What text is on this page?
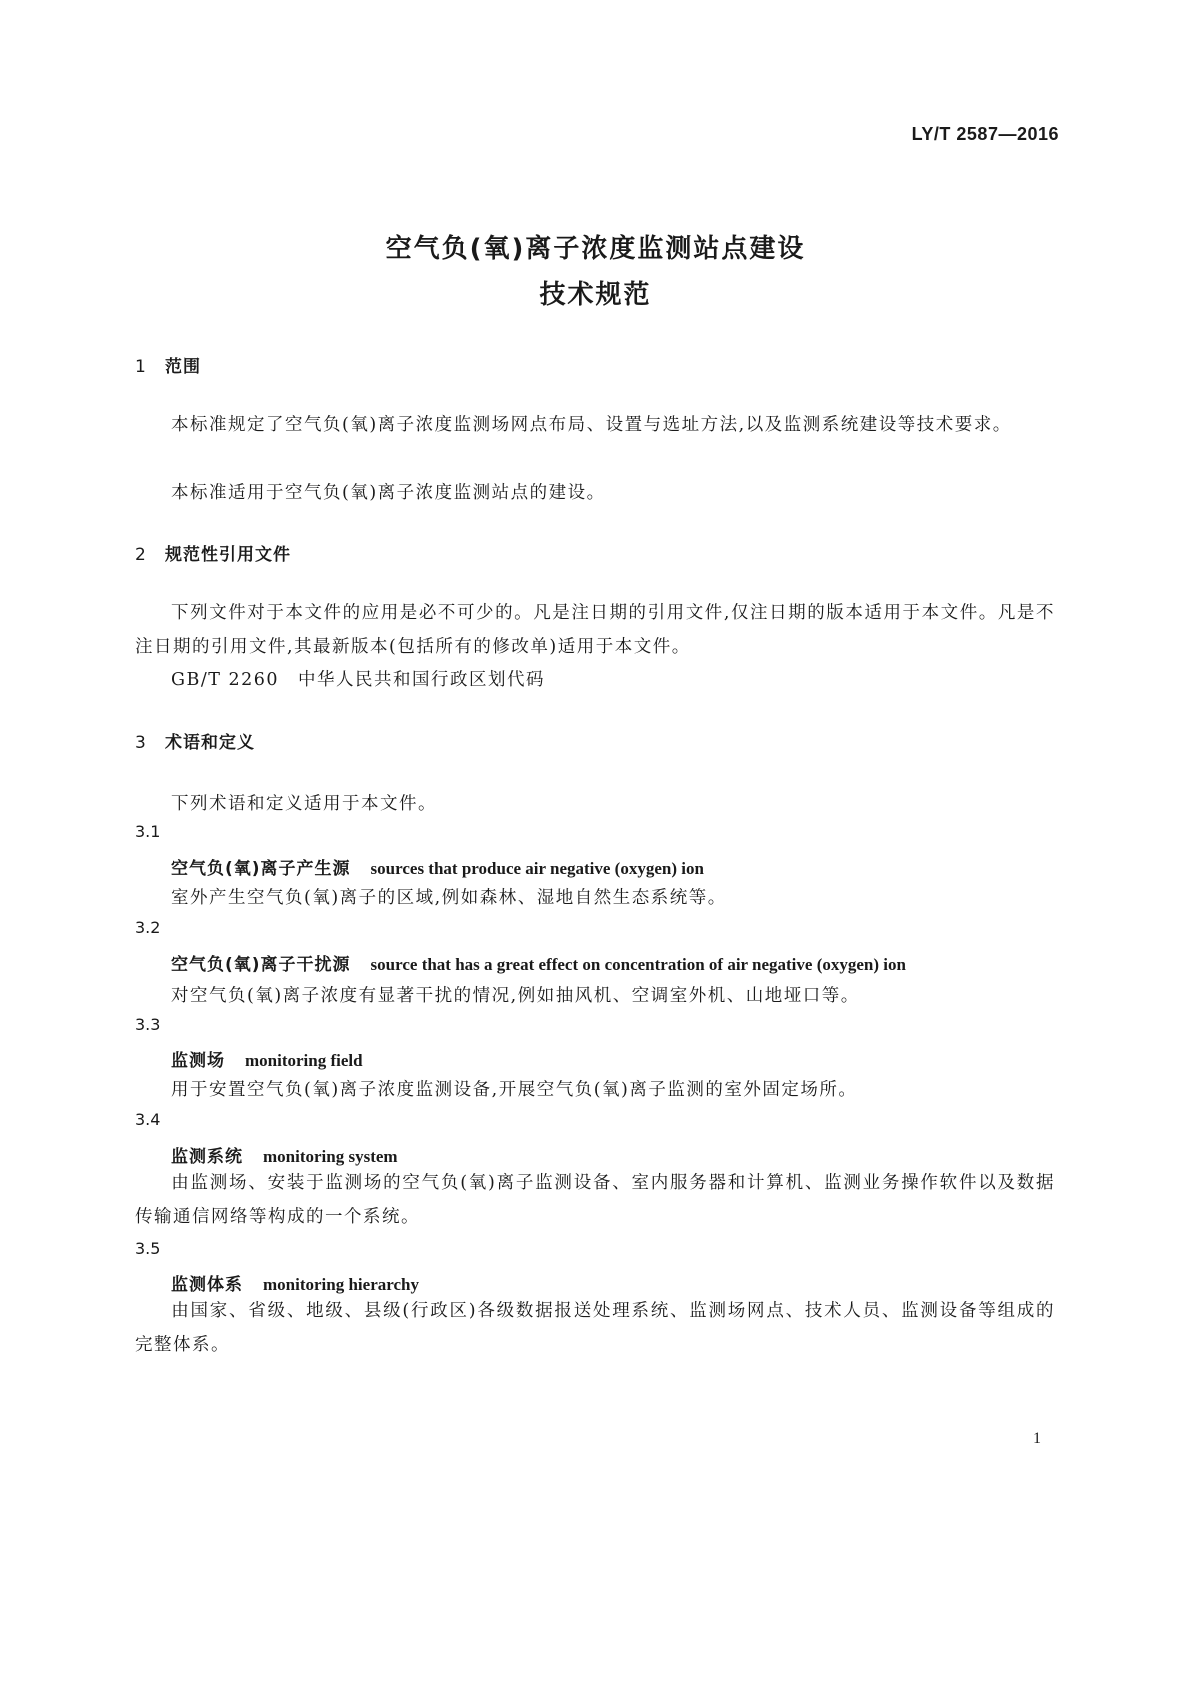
LY/T 2587—2016
空气负(氧)离子浓度监测站点建设
技术规范
1 范围
本标准规定了空气负(氧)离子浓度监测场网点布局、设置与选址方法,以及监测系统建设等技术要求。
本标准适用于空气负(氧)离子浓度监测站点的建设。
2 规范性引用文件
下列文件对于本文件的应用是必不可少的。凡是注日期的引用文件,仅注日期的版本适用于本文件。凡是不注日期的引用文件,其最新版本(包括所有的修改单)适用于本文件。
GB/T 2260　中华人民共和国行政区划代码
3 术语和定义
下列术语和定义适用于本文件。
3.1
空气负(氧)离子产生源 sources that produce air negative (oxygen) ion
室外产生空气负(氧)离子的区域,例如森林、湿地自然生态系统等。
3.2
空气负(氧)离子干扰源 source that has a great effect on concentration of air negative (oxygen) ion
对空气负(氧)离子浓度有显著干扰的情况,例如抽风机、空调室外机、山地垭口等。
3.3
监测场 monitoring field
用于安置空气负(氧)离子浓度监测设备,开展空气负(氧)离子监测的室外固定场所。
3.4
监测系统 monitoring system
由监测场、安装于监测场的空气负(氧)离子监测设备、室内服务器和计算机、监测业务操作软件以及数据传输通信网络等构成的一个系统。
3.5
监测体系 monitoring hierarchy
由国家、省级、地级、县级(行政区)各级数据报送处理系统、监测场网点、技术人员、监测设备等组成的完整体系。
1
